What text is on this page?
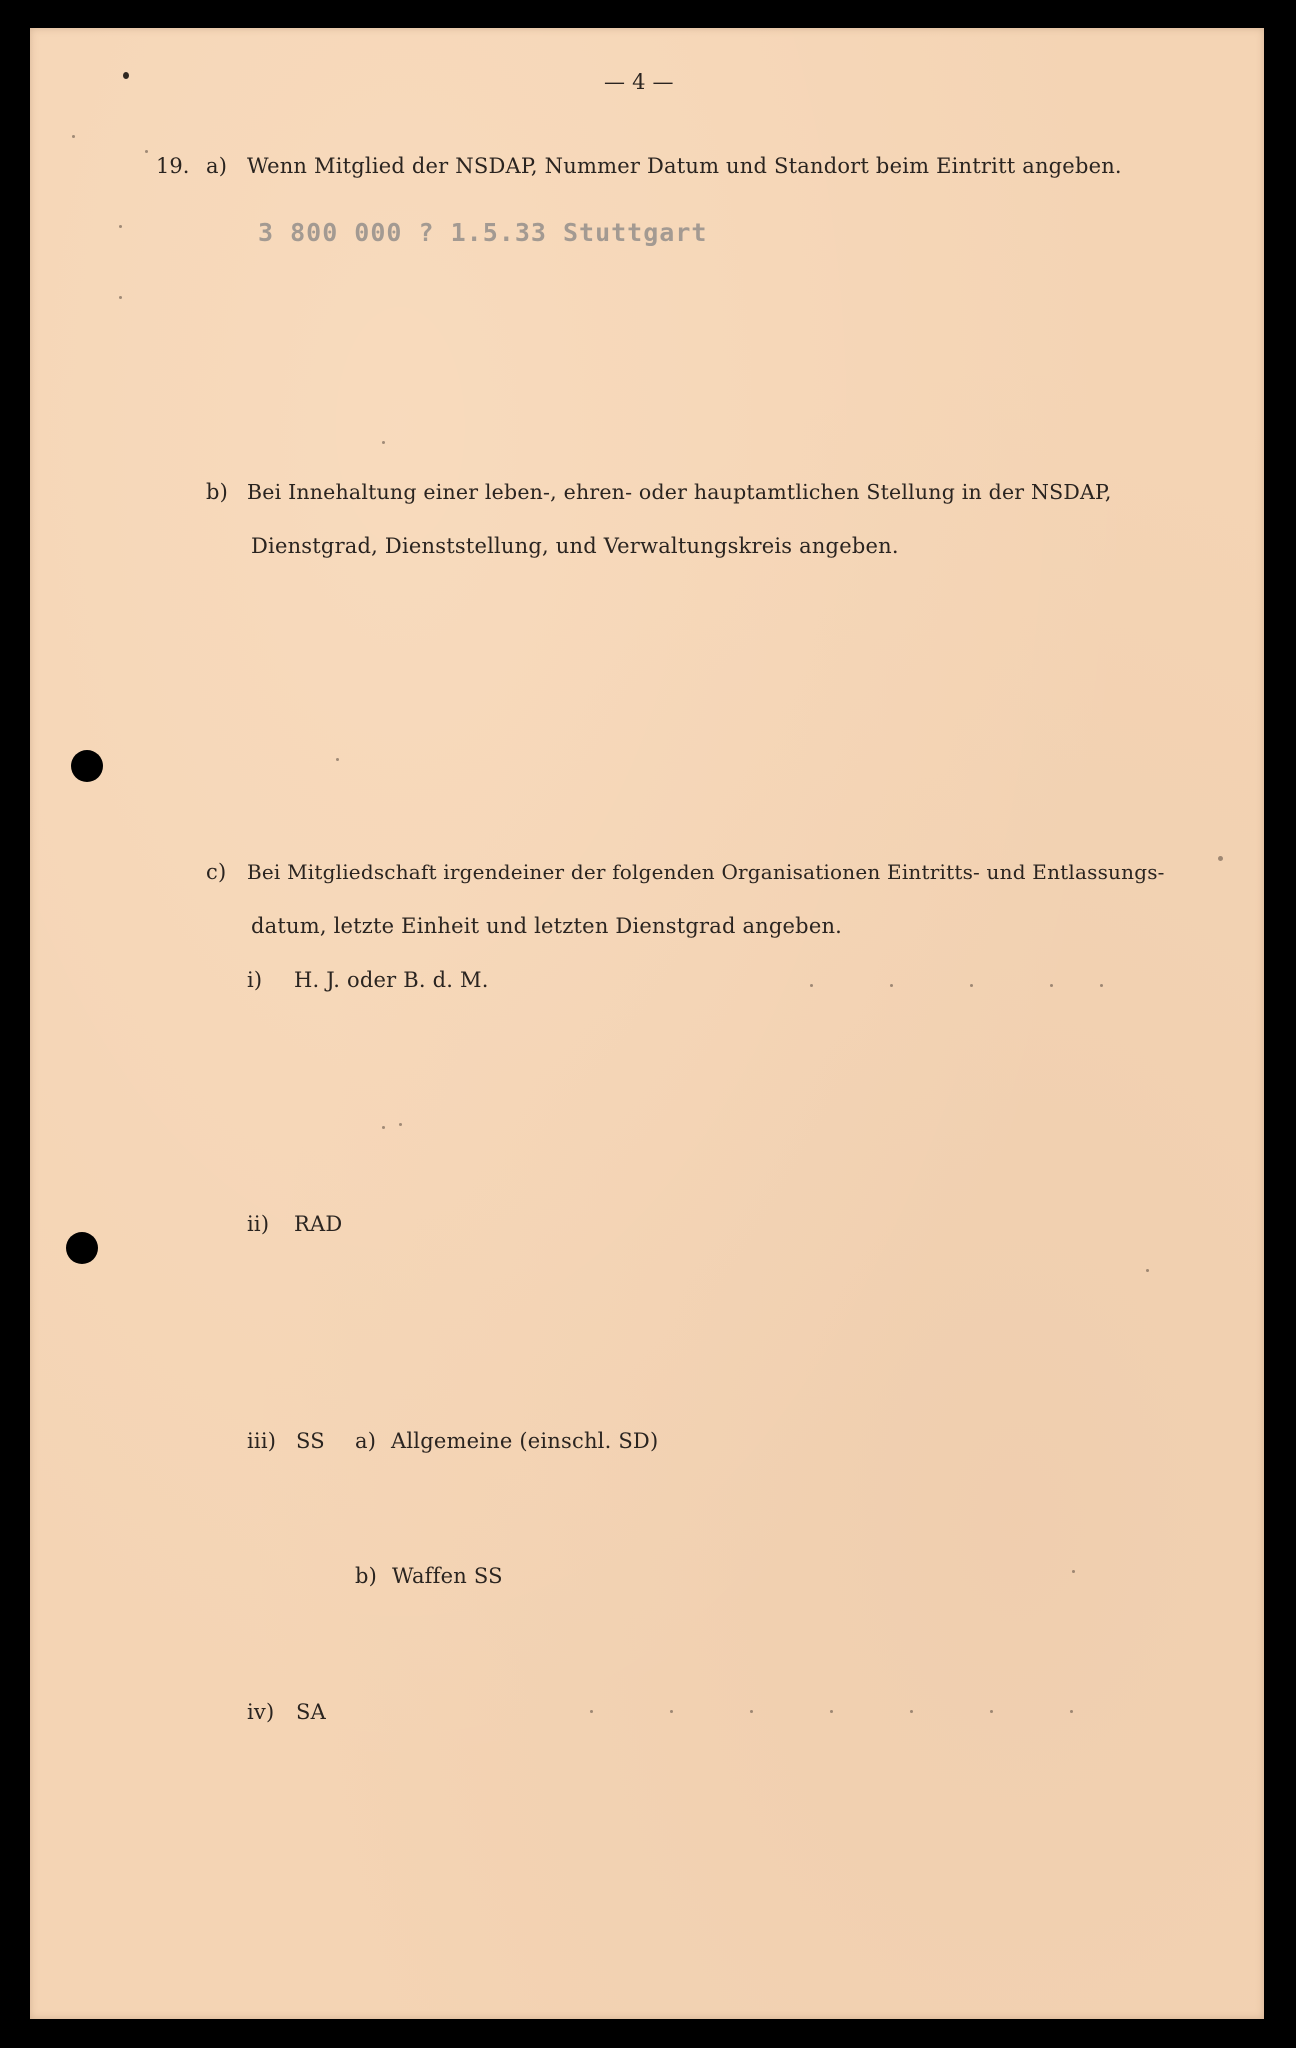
— 4 —
19. a) Wenn Mitglied der NSDAP, Nummer Datum und Standort beim Eintritt angeben.
3 800 000 ? 1.5.33 Stuttgart
b) Bei Innehaltung einer leben-, ehren- oder hauptamtlichen Stellung in der NSDAP,
Dienstgrad, Dienststellung, und Verwaltungskreis angeben.
c) Bei Mitgliedschaft irgendeiner der folgenden Organisationen Eintritts- und Entlassungs-
datum, letzte Einheit und letzten Dienstgrad angeben.
i) H. J. oder B. d. M.
ii) RAD
iii) SS a) Allgemeine (einschl. SD)
b) Waffen SS
iv) SA
